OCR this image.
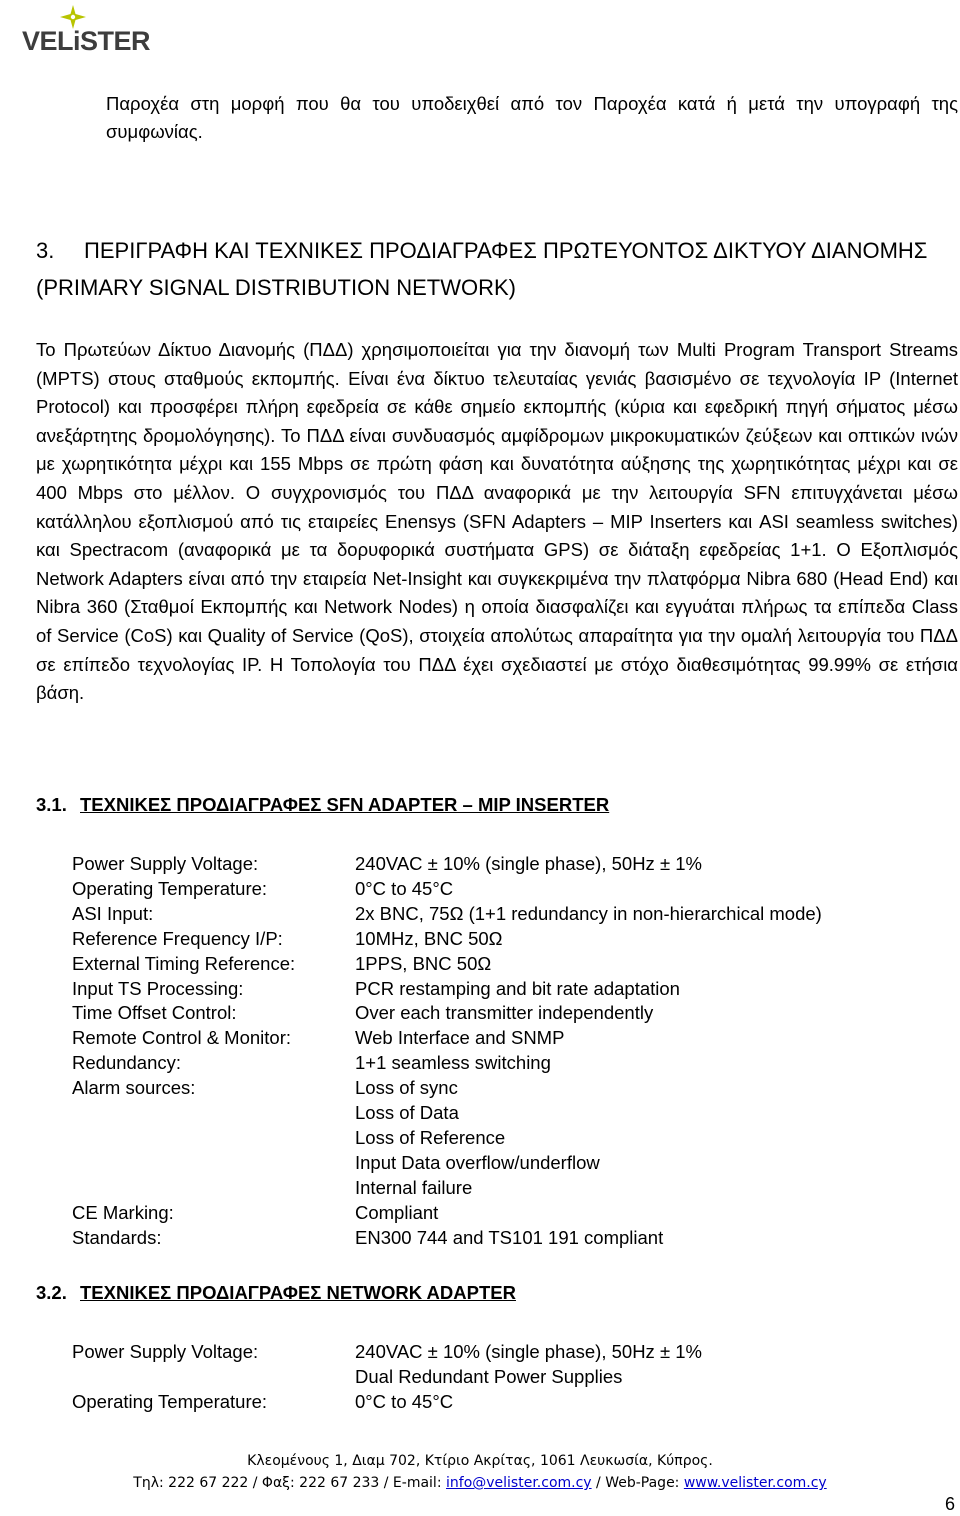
VELiSTER
Παροχέα στη μορφή που θα του υποδειχθεί από τον Παροχέα κατά ή μετά την υπογραφή της συμφωνίας.
3. ΠΕΡΙΓΡΑΦΗ ΚΑΙ ΤΕΧΝΙΚΕΣ ΠΡΟΔΙΑΓΡΑΦΕΣ ΠΡΩΤΕΥΟΝΤΟΣ ΔΙΚΤΥΟΥ ΔΙΑΝΟΜΗΣ (PRIMARY SIGNAL DISTRIBUTION NETWORK)
Το Πρωτεύων Δίκτυο Διανομής (ΠΔΔ) χρησιμοποιείται για την διανομή των Multi Program Transport Streams (MPTS) στους σταθμούς εκπομπής. Είναι ένα δίκτυο τελευταίας γενιάς βασισμένο σε τεχνολογία IP (Internet Protocol) και προσφέρει πλήρη εφεδρεία σε κάθε σημείο εκπομπής (κύρια και εφεδρική πηγή σήματος μέσω ανεξάρτητης δρομολόγησης). Το ΠΔΔ είναι συνδυασμός αμφίδρομων μικροκυματικών ζεύξεων και οπτικών ινών με χωρητικότητα μέχρι και 155 Mbps σε πρώτη φάση και δυνατότητα αύξησης της χωρητικότητας μέχρι και σε 400 Mbps στο μέλλον. Ο συγχρονισμός του ΠΔΔ αναφορικά με την λειτουργία SFN επιτυγχάνεται μέσω κατάλληλου εξοπλισμού από τις εταιρείες Enensys (SFN Adapters – MIP Inserters και ASI seamless switches) και Spectracom (αναφορικά με τα δορυφορικά συστήματα GPS) σε διάταξη εφεδρείας 1+1. Ο Εξοπλισμός Network Adapters είναι από την εταιρεία Net-Insight και συγκεκριμένα την πλατφόρμα Nibra 680 (Head End) και Nibra 360 (Σταθμοί Εκπομπής και Network Nodes) η οποία διασφαλίζει και εγγυάται πλήρως τα επίπεδα Class of Service (CoS) και Quality of Service (QoS), στοιχεία απολύτως απαραίτητα για την ομαλή λειτουργία του ΠΔΔ σε επίπεδο τεχνολογίας IP. Η Τοπολογία του ΠΔΔ έχει σχεδιαστεί με στόχο διαθεσιμότητας 99.99% σε ετήσια βάση.
3.1. ΤΕΧΝΙΚΕΣ ΠΡΟΔΙΑΓΡΑΦΕΣ SFN ADAPTER – MIP INSERTER
Power Supply Voltage:	240VAC ± 10% (single phase), 50Hz ± 1%
Operating Temperature:	0°C to 45°C
ASI Input:	2x BNC, 75Ω (1+1 redundancy in non-hierarchical mode)
Reference Frequency I/P:	10MHz, BNC 50Ω
External Timing Reference:	1PPS, BNC 50Ω
Input TS Processing:	PCR restamping and bit rate adaptation
Time Offset Control:	Over each transmitter independently
Remote Control & Monitor:	Web Interface and SNMP
Redundancy:	1+1 seamless switching
Alarm sources:	Loss of sync
Loss of Data
Loss of Reference
Input Data overflow/underflow
Internal failure
CE Marking:	Compliant
Standards:	EN300 744 and TS101 191 compliant
3.2. ΤΕΧΝΙΚΕΣ ΠΡΟΔΙΑΓΡΑΦΕΣ NETWORK ADAPTER
Power Supply Voltage:	240VAC ± 10% (single phase), 50Hz ± 1%
Dual Redundant Power Supplies
Operating Temperature:	0°C to 45°C
Κλεομένους 1, Διαμ 702, Κτίριο Ακρίτας, 1061 Λευκωσία, Κύπρος.
Τηλ: 222 67 222 / Φαξ: 222 67 233 / E-mail: info@velister.com.cy / Web-Page: www.velister.com.cy
6
